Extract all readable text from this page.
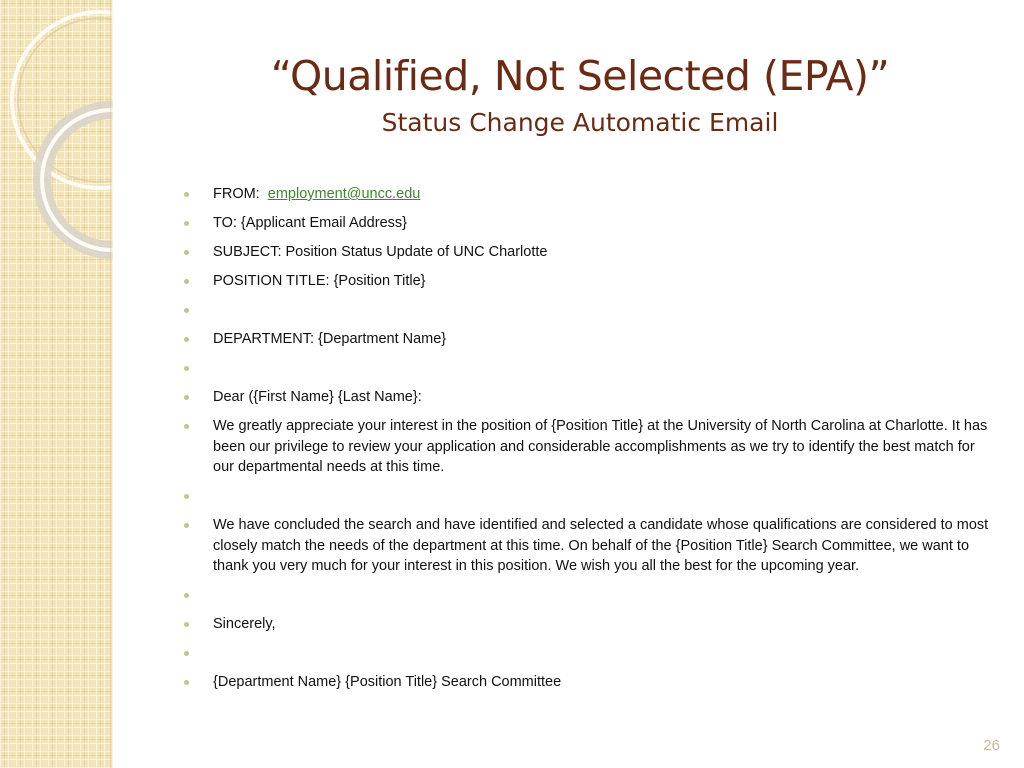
“Qualified, Not Selected (EPA)”
Status Change Automatic Email
FROM: employment@uncc.edu
TO: {Applicant Email Address}
SUBJECT: Position Status Update of UNC Charlotte
POSITION TITLE: {Position Title}
DEPARTMENT: {Department Name}
Dear ({First Name} {Last Name}:
We greatly appreciate your interest in the position of {Position Title} at the University of North Carolina at Charlotte. It has been our privilege to review your application and considerable accomplishments as we try to identify the best match for our departmental needs at this time.
We have concluded the search and have identified and selected a candidate whose qualifications are considered to most closely match the needs of the department at this time. On behalf of the {Position Title} Search Committee, we want to thank you very much for your interest in this position. We wish you all the best for the upcoming year.
Sincerely,
{Department Name} {Position Title} Search Committee
26
